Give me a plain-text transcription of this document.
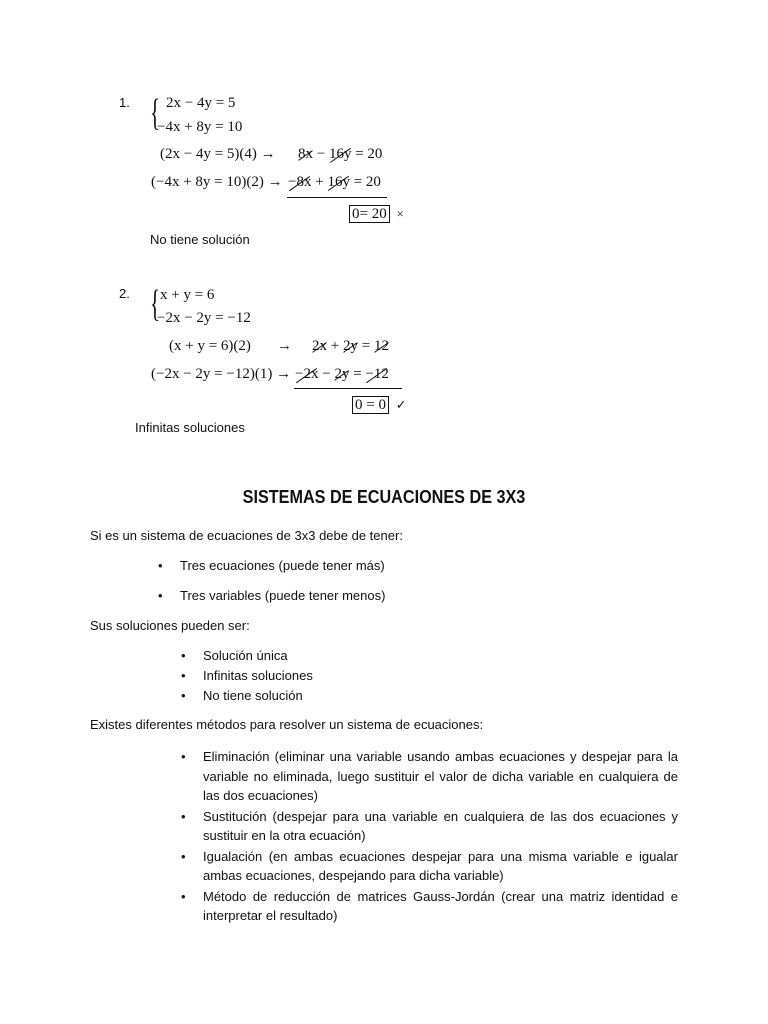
1. { 2x − 4y = 5
−4x + 8y = 10
(2x − 4y = 5)(4) → 8x − 16y = 20
(−4x + 8y = 10)(2) → −8x + 16y = 20
0= 20 ×
No tiene solución
2. { x + y = 6
−2x − 2y = −12
(x + y = 6)(2) → 2x + 2y = 12
(−2x − 2y = −12)(1) → −2x − 2y = −12
0 = 0 ✓
Infinitas soluciones
SISTEMAS DE ECUACIONES DE 3X3
Si es un sistema de ecuaciones de 3x3 debe de tener:
• Tres ecuaciones (puede tener más)
• Tres variables (puede tener menos)
Sus soluciones pueden ser:
• Solución única
• Infinitas soluciones
• No tiene solución
Existes diferentes métodos para resolver un sistema de ecuaciones:
• Eliminación (eliminar una variable usando ambas ecuaciones y despejar para la variable no eliminada, luego sustituir el valor de dicha variable en cualquiera de las dos ecuaciones)
• Sustitución (despejar para una variable en cualquiera de las dos ecuaciones y sustituir en la otra ecuación)
• Igualación (en ambas ecuaciones despejar para una misma variable e igualar ambas ecuaciones, despejando para dicha variable)
• Método de reducción de matrices Gauss-Jordán (crear una matriz identidad e interpretar el resultado)
